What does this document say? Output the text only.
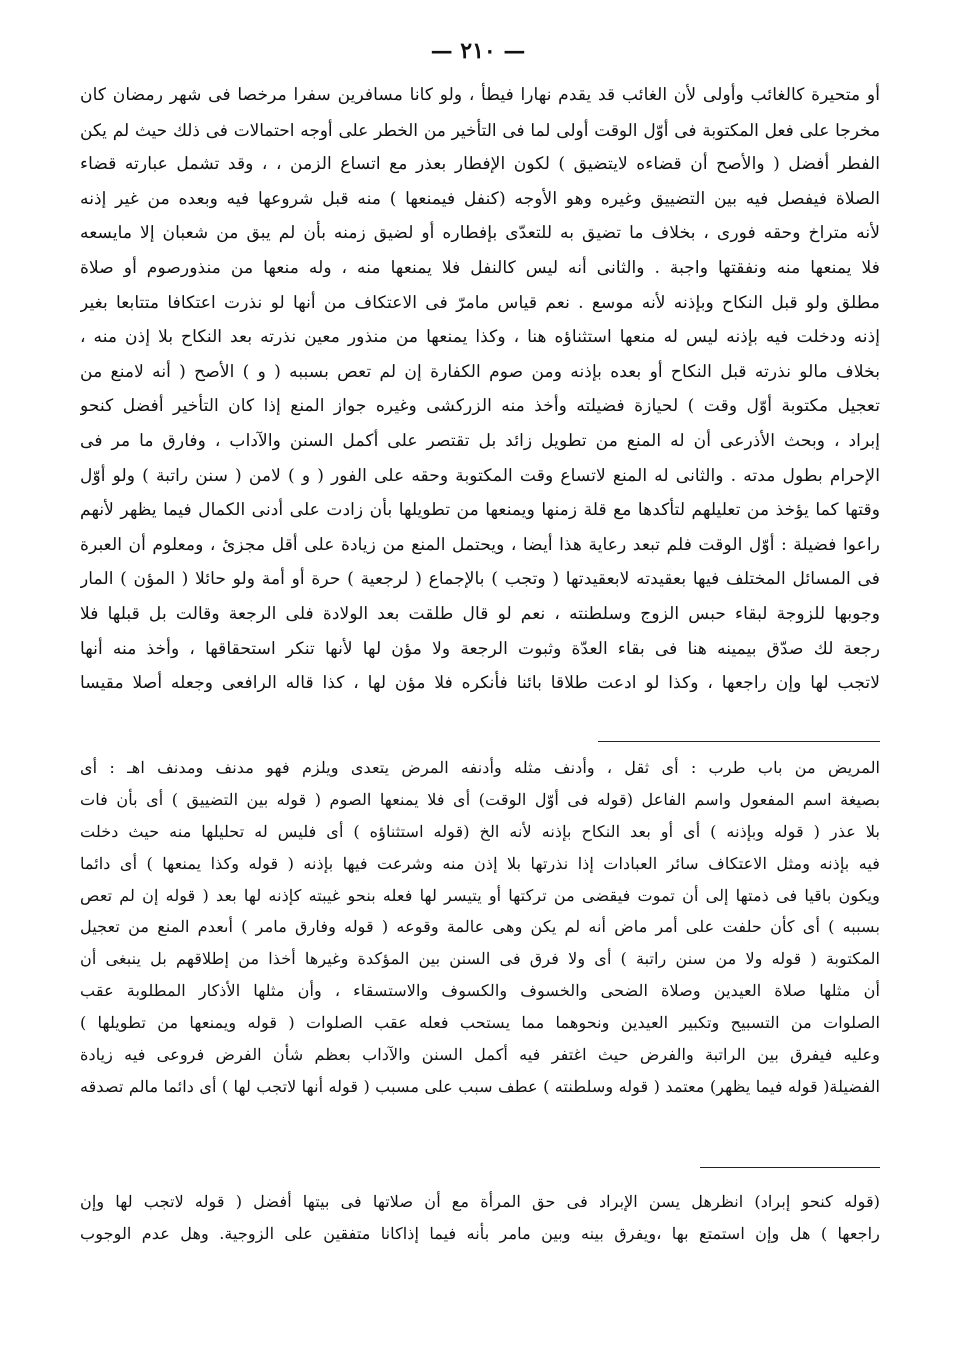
— ٢١٠ —
أو متحيرة كالغائب وأولى لأن الغائب قد يقدم نهارا فيطأ ، ولو كانا مسافرين سفرا مرخصا فى شهر رمضان كان
مخرجا على فعل المكتوبة فى أوّل الوقت أولى لما فى التأخير من الخطر على أوجه احتمالات فى ذلك حيث لم يكن
الفطر أفضل ( والأصح أن قضاءه لايتضيق ) لكون الإفطار بعذر مع اتساع الزمن ، ، وقد تشمل عبارته قضاء
الصلاة فيفصل فيه بين التضييق وغيره وهو الأوجه (كنفل فيمنعها ) منه قبل شروعها فيه وبعده من غير إذنه
لأنه متراخ وحقه فورى ، بخلاف ما تضيق به للتعدّى بإفطاره أو لضيق زمنه بأن لم يبق من شعبان إلا مايسعه
فلا يمنعها منه ونفقتها واجبة . والثانى أنه ليس كالنفل فلا يمنعها منه ، وله منعها من منذورصوم أو صلاة
مطلق ولو قبل النكاح وبإذنه لأنه موسع . نعم قياس مامرّ فى الاعتكاف من أنها لو نذرت اعتكافا متتابعا بغير
إذنه ودخلت فيه بإذنه ليس له منعها استثناؤه هنا ، وكذا يمنعها من منذور معين نذرته بعد النكاح بلا إذن منه ،
بخلاف مالو نذرته قبل النكاح أو بعده بإذنه ومن صوم الكفارة إن لم تعص بسببه ( و ) الأصح ( أنه لامنع من
تعجيل مكتوبة أوّل وقت ) لحيازة فضيلته وأخذ منه الزركشى وغيره جواز المنع إذا كان التأخير أفضل كنحو
إبراد ، وبحث الأذرعى أن له المنع من تطويل زائد بل تقتصر على أكمل السنن والآداب ، وفارق ما مر فى
الإحرام بطول مدته . والثانى له المنع لاتساع وقت المكتوبة وحقه على الفور ( و ) لامن ( سنن راتبة ) ولو أوّل
وقتها كما يؤخذ من تعليلهم لتأكدها مع قلة زمنها ويمنعها من تطويلها بأن زادت على أدنى الكمال فيما يظهر لأنهم
راعوا فضيلة : أوّل الوقت فلم تبعد رعاية هذا أيضا ، ويحتمل المنع من زيادة على أقل مجزئ ، ومعلوم أن العبرة
فى المسائل المختلف فيها بعقيدته لابعقيدتها ( وتجب ) بالإجماع ( لرجعية ) حرة أو أمة ولو حائلا ( المؤن ) المار
وجوبها للزوجة لبقاء حبس الزوج وسلطنته ، نعم لو قال طلقت بعد الولادة فلى الرجعة وقالت بل قبلها فلا
رجعة لك صدّق بيمينه هنا فى بقاء العدّة وثبوت الرجعة ولا مؤن لها لأنها تنكر استحقاقها ، وأخذ منه أنها
لاتجب لها وإن راجعها ، وكذا لو ادعت طلاقا بائنا فأنكره فلا مؤن لها ، كذا قاله الرافعى وجعله أصلا مقيسا
المريض من باب طرب : أى ثقل ، وأدنف مثله وأدنفه المرض يتعدى ويلزم فهو مدنف ومدنف اهـ : أى
بصيغة اسم المفعول واسم الفاعل (قوله فى أوّل الوقت) أى فلا يمنعها الصوم ( قوله بين التضييق ) أى بأن فات
بلا عذر ( قوله وبإذنه ) أى أو بعد النكاح بإذنه لأنه الخ (قوله استثناؤه ) أى فليس له تحليلها منه حيث دخلت
فيه بإذنه ومثل الاعتكاف سائر العبادات إذا نذرتها بلا إذن منه وشرعت فيها بإذنه ( قوله وكذا يمنعها ) أى دائما
ويكون باقيا فى ذمتها إلى أن تموت فيقضى من تركتها أو يتيسر لها فعله بنحو غيبته كإذنه لها بعد ( قوله إن لم تعص
بسببه ) أى كأن حلفت على أمر ماض أنه لم يكن وهى عالمة وقوعه ( قوله وفارق مامر ) أىعدم المنع من تعجيل
المكتوبة ( قوله ولا من سنن راتبة ) أى ولا فرق فى السنن بين المؤكدة وغيرها أخذا من إطلاقهم بل ينبغى أن
أن مثلها صلاة العيدين وصلاة الضحى والخسوف والكسوف والاستسقاء ، وأن مثلها الأذكار المطلوبة عقب
الصلوات من التسبيح وتكبير العيدين ونحوهما مما يستحب فعله عقب الصلوات ( قوله ويمنعها من تطويلها )
وعليه فيفرق بين الراتبة والفرض حيث اغتفر فيه أكمل السنن والآداب بعظم شأن الفرض فروعى فيه زيادة
الفضيلة( قوله فيما يظهر) معتمد ( قوله وسلطنته ) عطف سبب على مسبب ( قوله أنها لاتجب لها ) أى دائما مالم تصدقه
(قوله كنحو إبراد) انظرهل يسن الإبراد فى حق المرأة مع أن صلاتها فى بيتها أفضل ( قوله لاتجب لها وإن
راجعها ) هل وإن استمتع بها ،ويفرق بينه وبين مامر بأنه فيما إذاكانا متفقين على الزوجية. وهل عدم الوجوب
